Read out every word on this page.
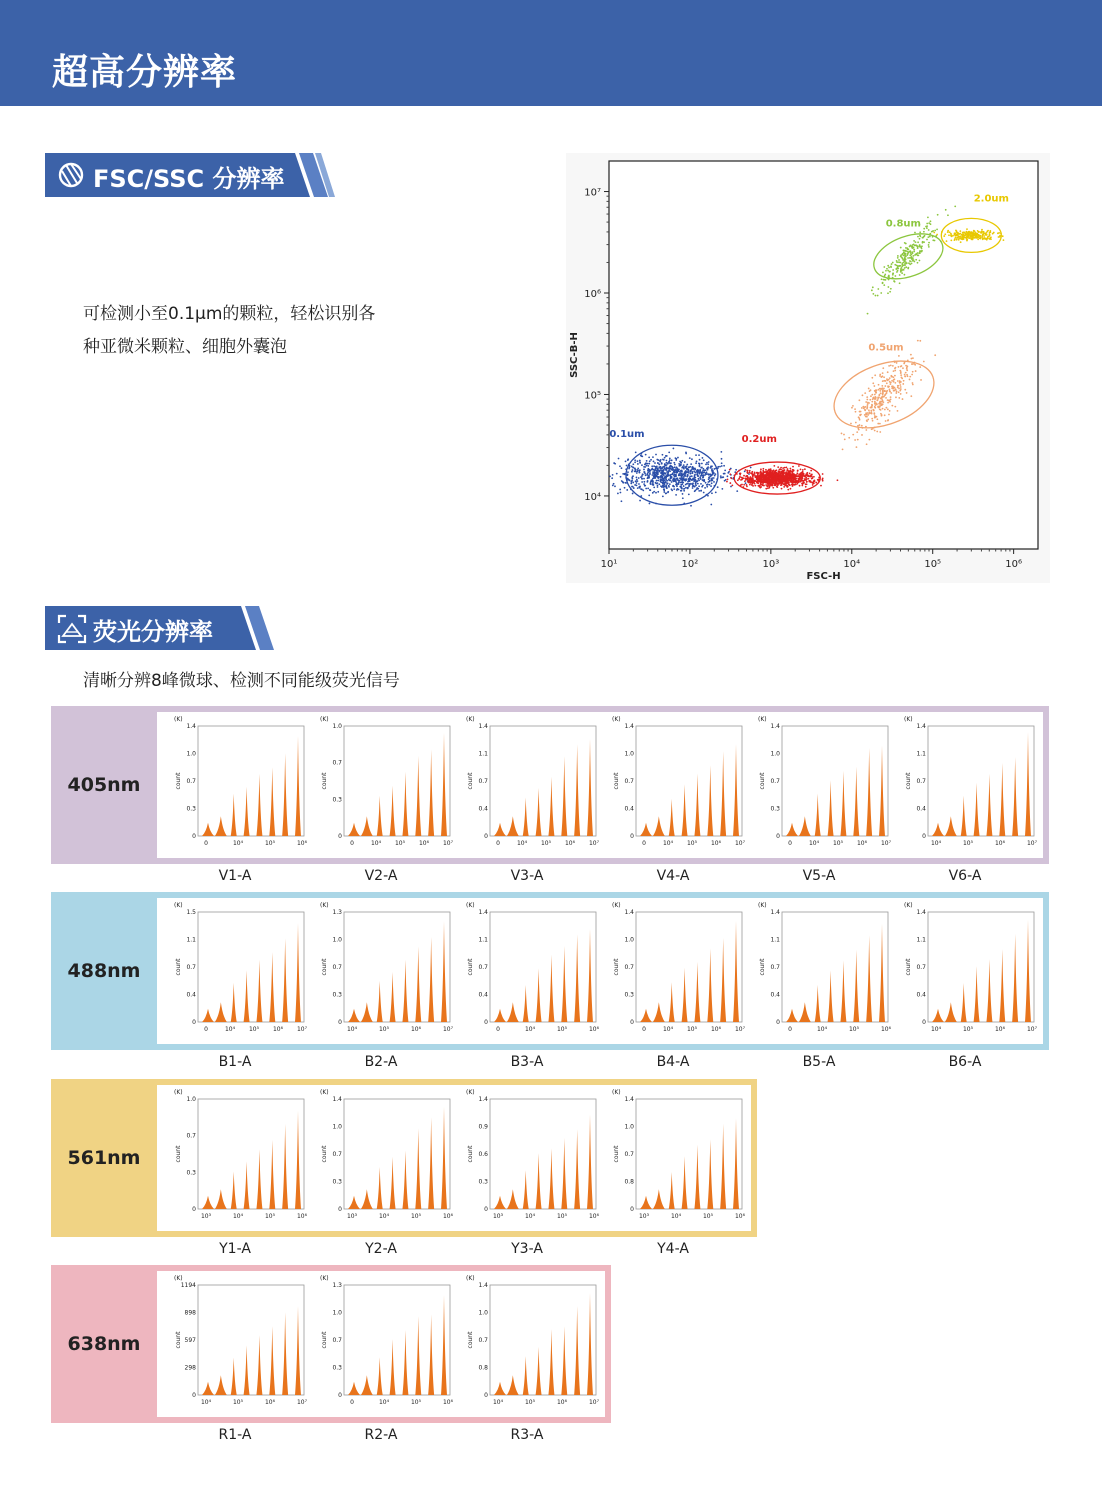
超高分辨率
FSC/SSC 分辨率
可检测小至0.1µm的颗粒，轻松识别各
种亚微米颗粒、细胞外囊泡
10¹	10²	10³	10⁴	10⁵	10⁶
10⁴
10⁵
10⁶
10⁷
FSC-H
SSC-B-H
0.1um	0.2um
0.5um
0.8um
2.0um
荧光分辨率
清晰分辨8峰微球、检测不同能级荧光信号
405nm
(K)
count
0
0.3
0.7
1.0
1.4
0	10⁴	10⁵	10⁶
(K)
count
0
0.3
0.7
1.0
0	10⁴ 10⁵ 10⁶ 10⁷
(K)
count
0
0.4
0.7
1.1
1.4
0	10⁴ 10⁵ 10⁶ 10⁷
(K)
count
0
0.4
0.7
1.0
1.4
0	10⁴ 10⁵ 10⁶ 10⁷
(K)
count
0
0.3
0.7
1.0
1.4
0	10⁴ 10⁵ 10⁶ 10⁷
(K)
count
0
0.4
0.7
1.1
1.4
10⁴	10⁵	10⁶	10⁷
V1-A	V2-A	V3-A	V4-A	V5-A	V6-A
488nm
(K)
count
0
0.4
0.7
1.1
1.5
0	10⁴ 10⁵ 10⁶ 10⁷
(K)
count
0
0.3
0.7
1.0
1.3
10⁴	10⁵	10⁶	10⁷
(K)
count
0
0.4
0.7
1.1
1.4
0	10⁴	10⁵	10⁶
(K)
count
0
0.3
0.7
1.0
1.4
0	10⁴ 10⁵ 10⁶ 10⁷
(K)
count
0
0.4
0.7
1.1
1.4
0	10⁴	10⁵	10⁶
(K)
count
0
0.4
0.7
1.1
1.4
10⁴	10⁵	10⁶	10⁷
B1-A	B2-A	B3-A	B4-A	B5-A	B6-A
561nm
(K)
count
0
0.3
0.7
1.0
10³	10⁴	10⁵	10⁶
(K)
count
0
0.3
0.7
1.0
1.4
10³	10⁴	10⁵	10⁶
(K)
count
0
0.3
0.6
0.9
1.4
10³	10⁴	10⁵	10⁶
(K)
count
0
0.8
0.7
1.0
1.4
10³	10⁴	10⁵	10⁶
Y1-A	Y2-A	Y3-A	Y4-A
638nm
(K)
count
0
298
597
898
1194
10⁴	10⁵	10⁶	10⁷
(K)
count
0
0.3
0.7
1.0
1.3
0	10⁴	10⁵	10⁶
(K)
count
0
0.8
0.7
1.0
1.4
10⁴	10⁵	10⁶	10⁷
R1-A	R2-A	R3-A
